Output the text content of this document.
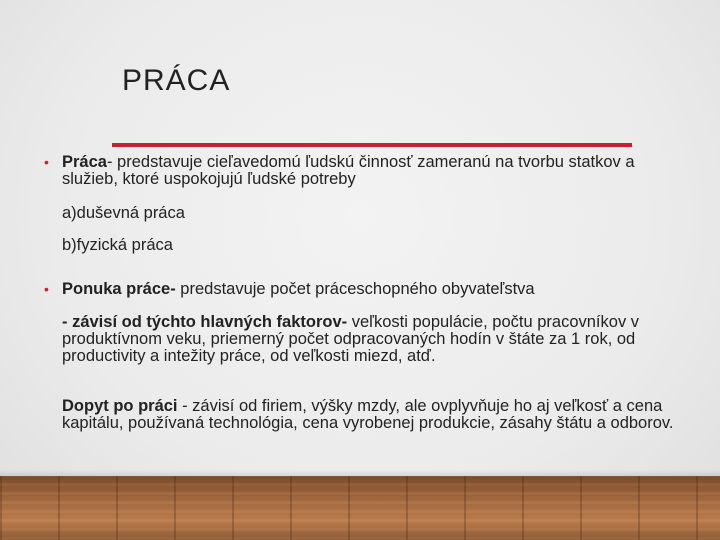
PRÁCA
• Práca- predstavuje cieľavedomú ľudskú činnosť zameranú na tvorbu statkov a služieb, ktoré uspokojujú ľudské potreby
a)duševná práca
b)fyzická práca
• Ponuka práce- predstavuje počet práceschopného obyvateľstva
- závisí od týchto hlavných faktorov- veľkosti populácie, počtu pracovníkov v produktívnom veku, priemerný počet odpracovaných hodín v štáte za 1 rok, od productivity a intežity práce, od veľkosti miezd, atď.
Dopyt po práci - závisí od firiem, výšky mzdy, ale ovplyvňuje ho aj veľkosť a cena kapitálu, používaná technológia, cena vyrobenej produkcie, zásahy štátu a odborov.
